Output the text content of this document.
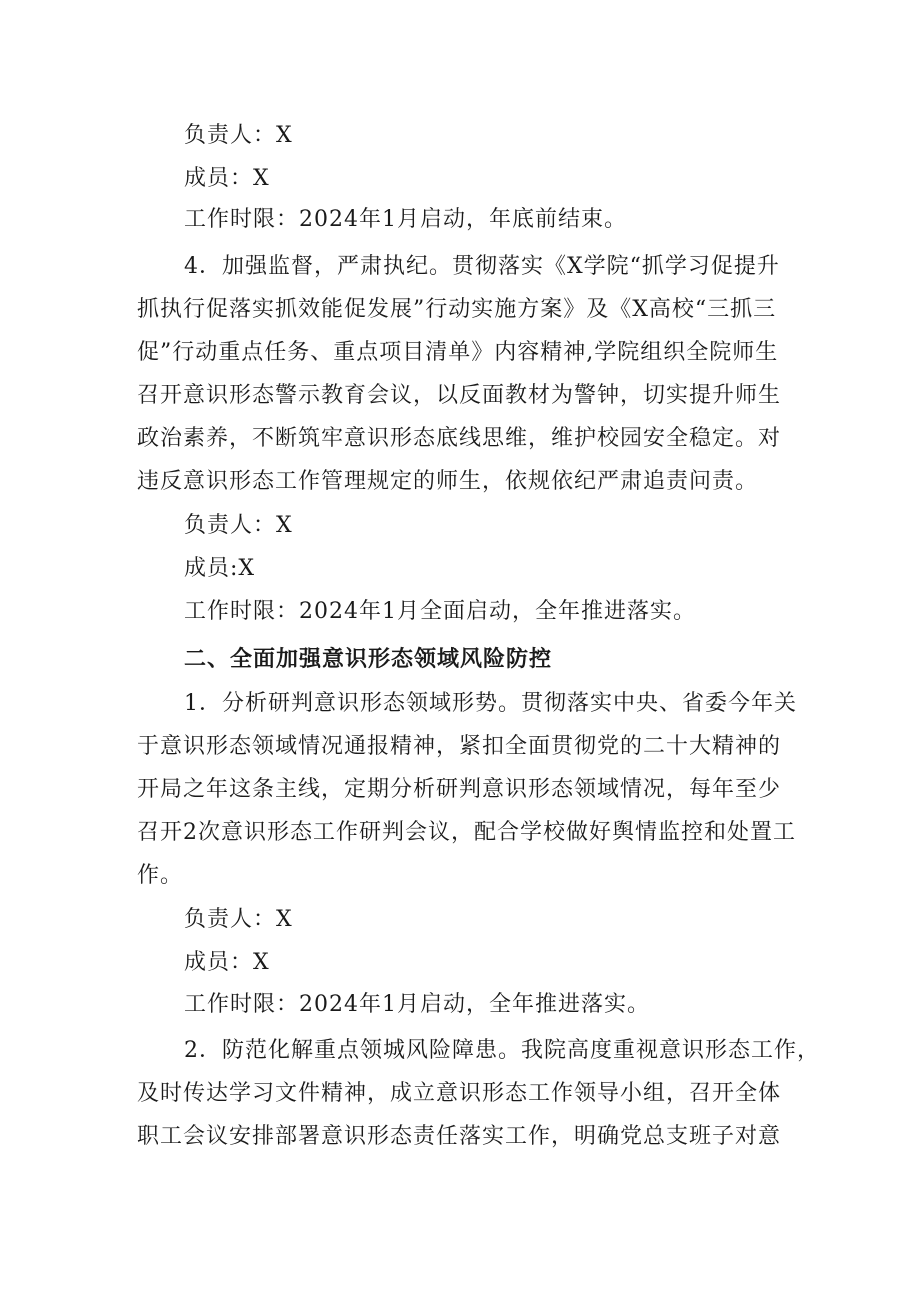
负责人：X
成员：X
工作时限：2024年1月启动，年底前结束。
4．加强监督，严肃执纪。贯彻落实《X学院“抓学习促提升
抓执行促落实抓效能促发展”行动实施方案》及《X高校“三抓三
促”行动重点任务、重点项目清单》内容精神,学院组织全院师生
召开意识形态警示教育会议，以反面教材为警钟，切实提升师生
政治素养，不断筑牢意识形态底线思维，维护校园安全稳定。对
违反意识形态工作管理规定的师生，依规依纪严肃追责问责。
负责人：X
成员:X
工作时限：2024年1月全面启动，全年推进落实。
二、全面加强意识形态领域风险防控
1．分析研判意识形态领域形势。贯彻落实中央、省委今年关
于意识形态领域情况通报精神，紧扣全面贯彻党的二十大精神的
开局之年这条主线，定期分析研判意识形态领域情况，每年至少
召开2次意识形态工作研判会议，配合学校做好舆情监控和处置工
作。
负责人：X
成员：X
工作时限：2024年1月启动，全年推进落实。
2．防范化解重点领城风险障患。我院高度重视意识形态工作，
及时传达学习文件精神，成立意识形态工作领导小组，召开全体
职工会议安排部署意识形态责任落实工作，明确党总支班子对意
